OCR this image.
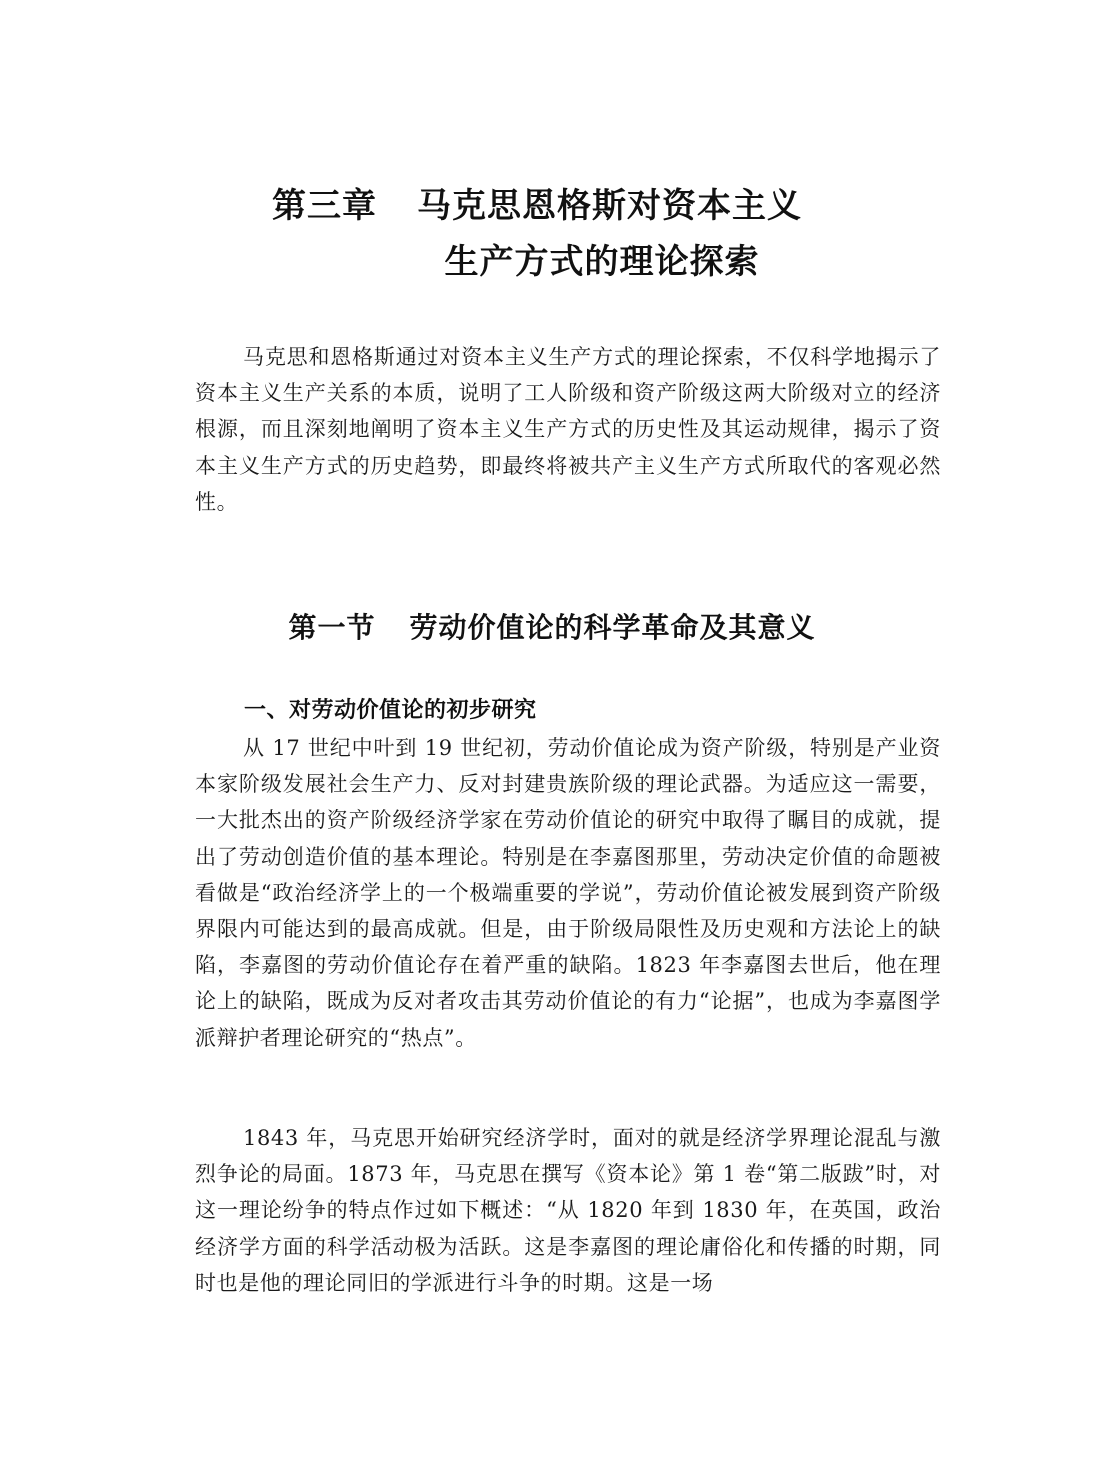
第三章 马克思恩格斯对资本主义
生产方式的理论探索

马克思和恩格斯通过对资本主义生产方式的理论探索，不仅科学地揭示了资本主义生产关系的本质，说明了工人阶级和资产阶级这两大阶级对立的经济根源，而且深刻地阐明了资本主义生产方式的历史性及其运动规律，揭示了资本主义生产方式的历史趋势，即最终将被共产主义生产方式所取代的客观必然性。

第一节 劳动价值论的科学革命及其意义
一、对劳动价值论的初步研究

从 17 世纪中叶到 19 世纪初，劳动价值论成为资产阶级，特别是产业资本家阶级发展社会生产力、反对封建贵族阶级的理论武器。为适应这一需要，一大批杰出的资产阶级经济学家在劳动价值论的研究中取得了瞩目的成就，提出了劳动创造价值的基本理论。特别是在李嘉图那里，劳动决定价值的命题被看做是“政治经济学上的一个极端重要的学说”，劳动价值论被发展到资产阶级界限内可能达到的最高成就。但是，由于阶级局限性及历史观和方法论上的缺陷，李嘉图的劳动价值论存在着严重的缺陷。1823 年李嘉图去世后，他在理论上的缺陷，既成为反对者攻击其劳动价值论的有力“论据”，也成为李嘉图学派辩护者理论研究的“热点”。

1843 年，马克思开始研究经济学时，面对的就是经济学界理论混乱与激烈争论的局面。1873 年，马克思在撰写《资本论》第 1 卷“第二版跋”时，对这一理论纷争的特点作过如下概述：“从 1820 年到 1830 年，在英国，政治经济学方面的科学活动极为活跃。这是李嘉图的理论庸俗化和传播的时期，同时也是他的理论同旧的学派进行斗争的时期。这是一场
